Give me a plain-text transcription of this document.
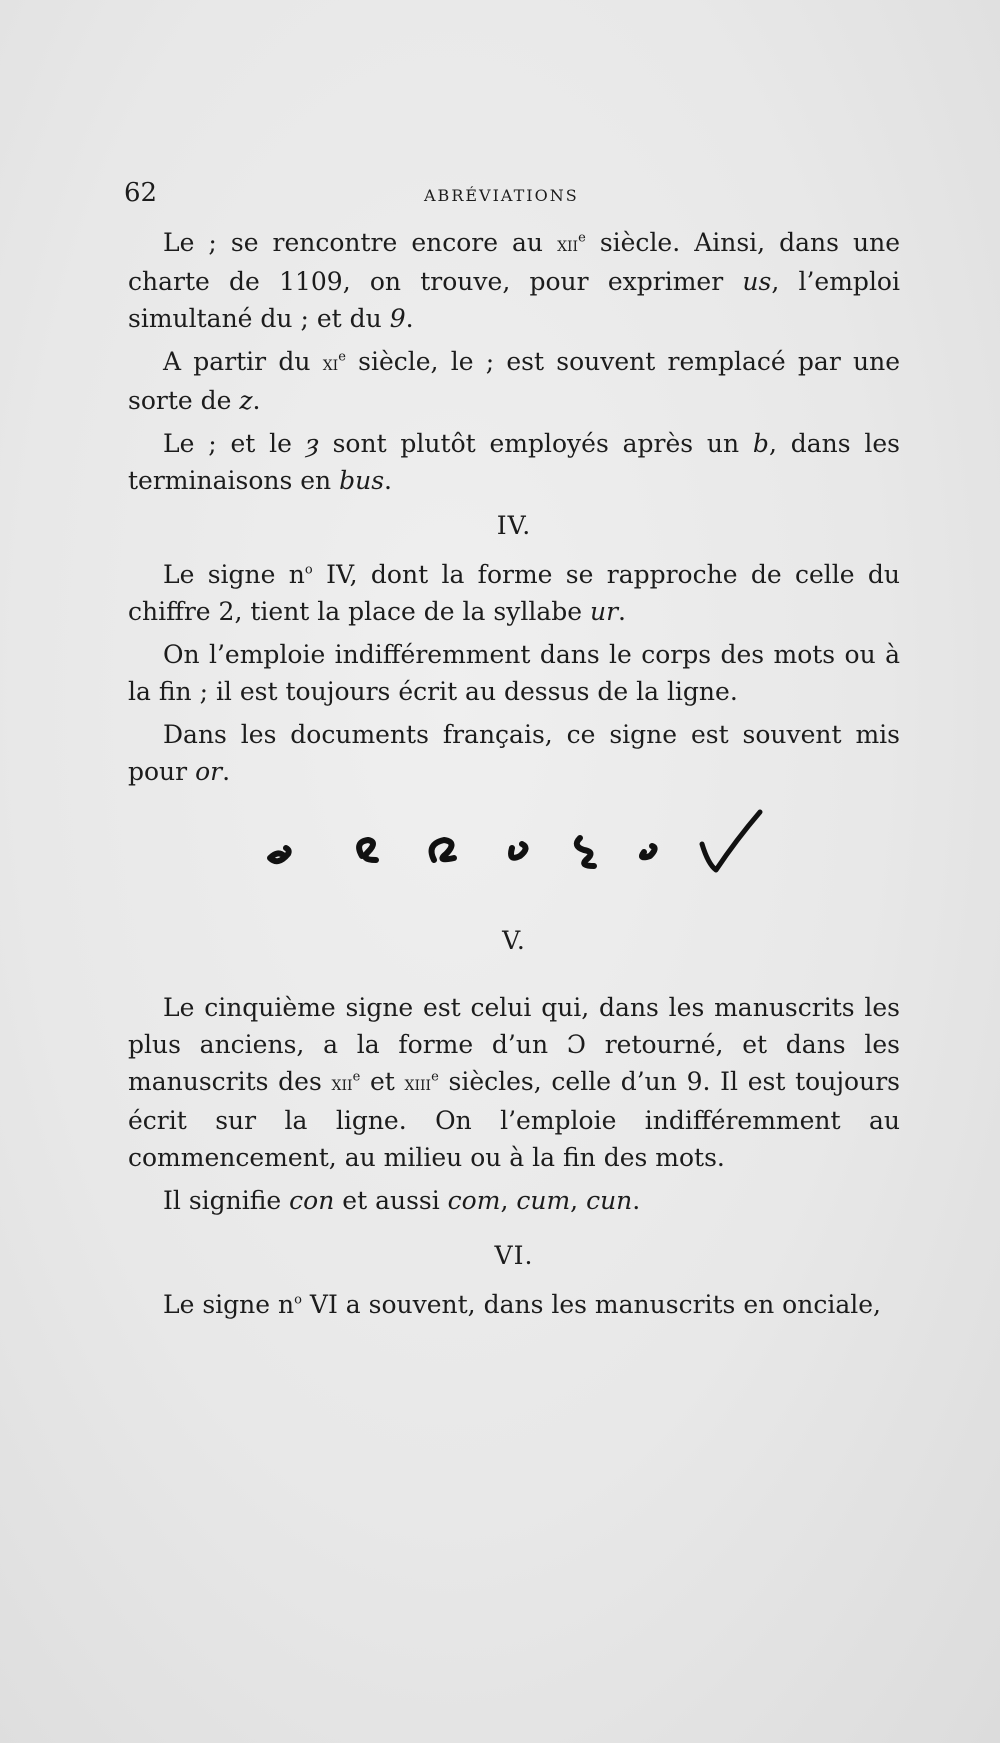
62	ABRÉVIATIONS

Le ; se rencontre encore au xii$^e$ siècle. Ainsi, dans une charte de 1109, on trouve, pour exprimer us, l’emploi simultané du ; et du 9.

A partir du $xi^e$ siècle, le ; est souvent remplacé par une sorte de z.

Le ; et le ȝ sont plutôt employés après un b, dans les terminaisons en bus.

IV.

Le signe $n^o$ IV, dont la forme se rapproche de celle du chiffre 2, tient la place de la syllabe ur.

On l’emploie indifféremment dans le corps des mots ou à la fin ; il est toujours écrit au dessus de la ligne.

Dans les documents français, ce signe est souvent mis pour or.

V.

Le cinquième signe est celui qui, dans les manuscrits les plus anciens, a la forme d’un Ɔ retourné, et dans les manuscrits des xii$^e$ et xiii$^e$ siècles, celle d’un 9. Il est toujours écrit sur la ligne. On l’emploie indifféremment au commencement, au milieu ou à la fin des mots.

Il signifie con et aussi com, cum, cun.

VI.

Le signe $n^o$ VI a souvent, dans les manuscrits en onciale,
